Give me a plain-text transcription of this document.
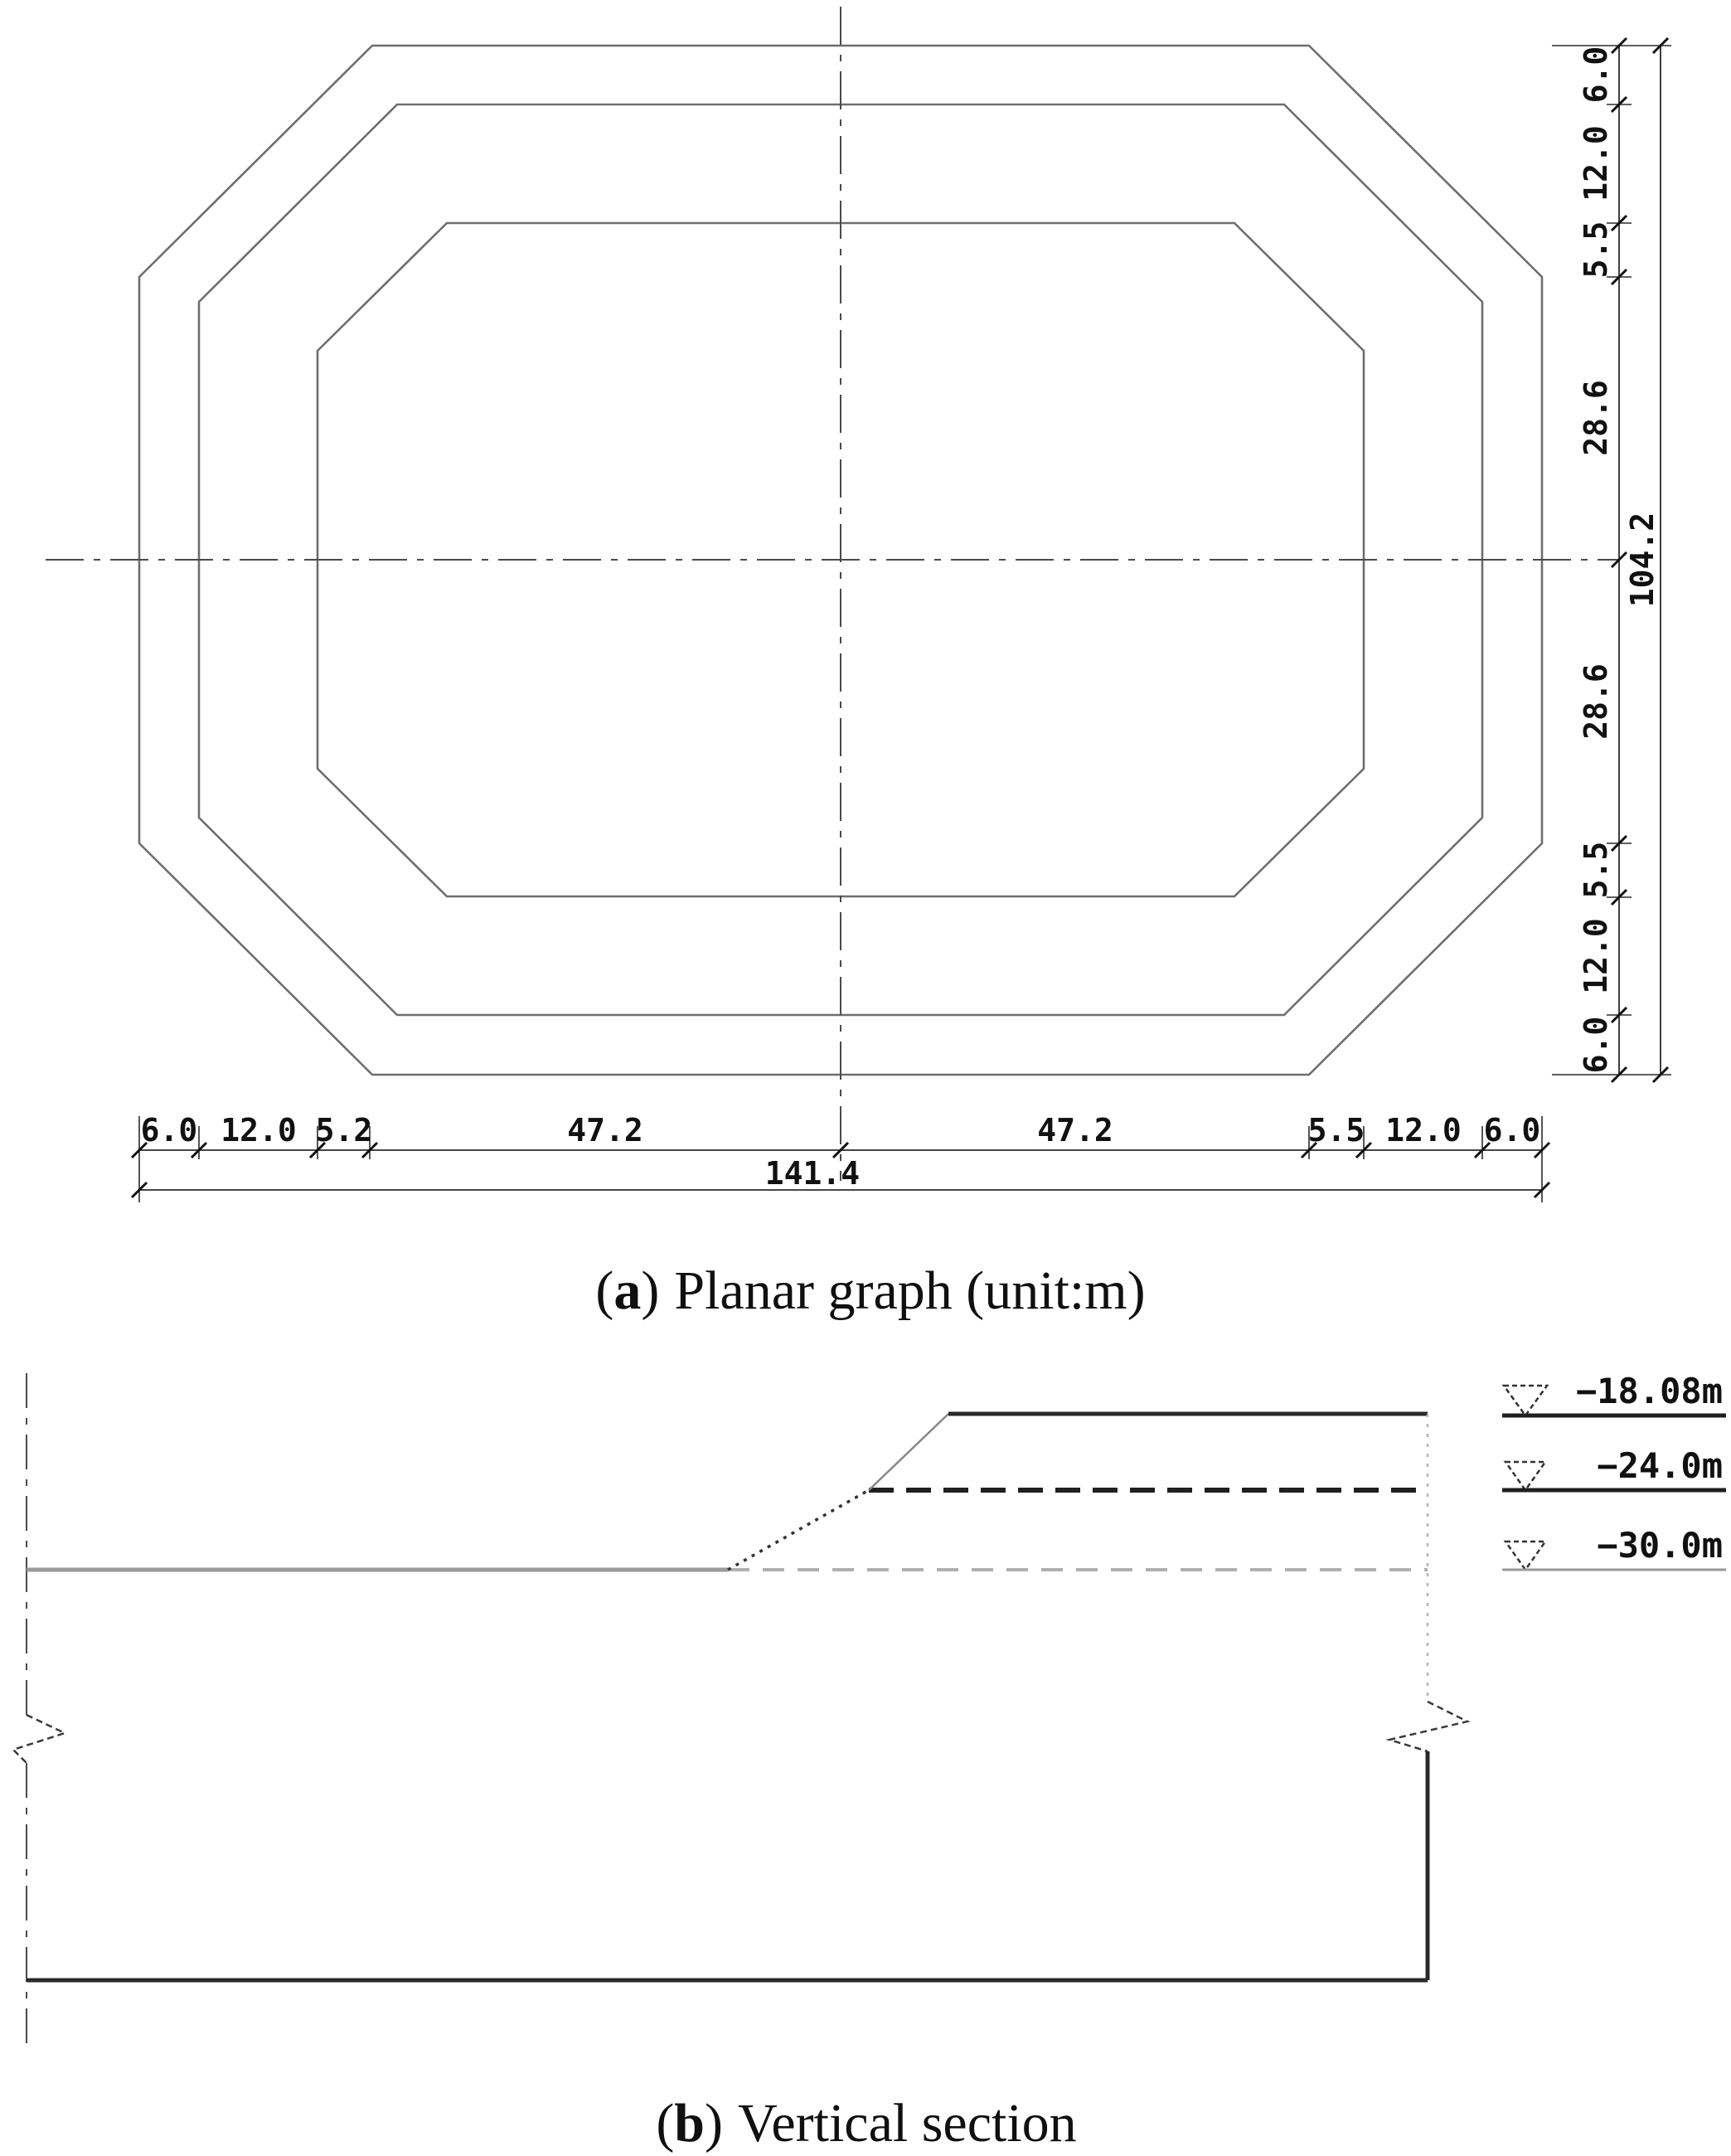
6.0 12.0 5.2	47.2	47.2	5.5 12.0 6.0
141.4
6.0
12.0
5.5
28.6
28.6
5.5
12.0
6.0
104.2
(a) Planar graph (unit:m)
−18.08m
−24.0m
−30.0m
(b) Vertical section
